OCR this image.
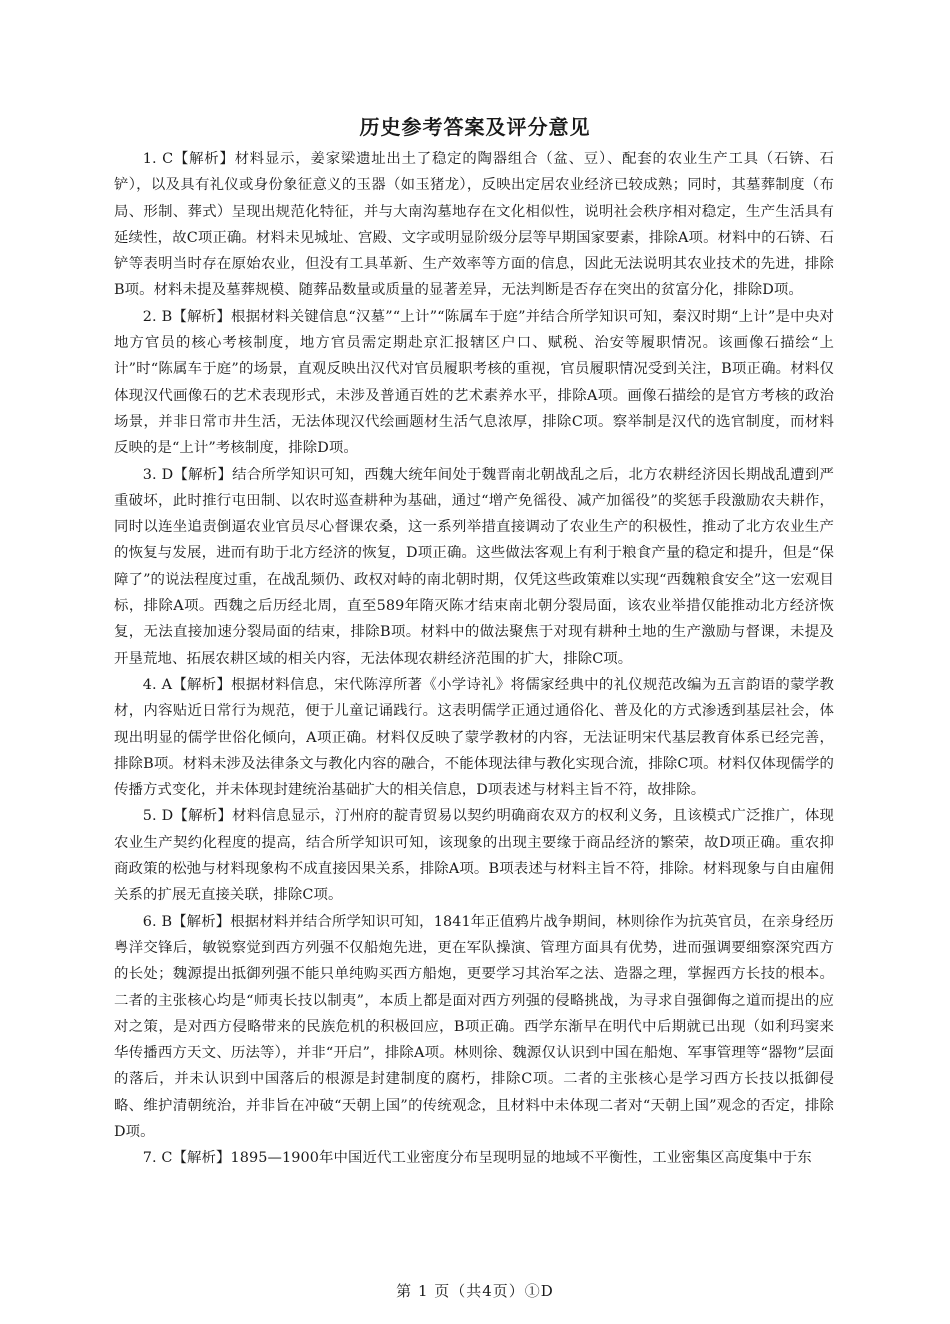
历史参考答案及评分意见

1. C【解析】材料显示，姜家梁遗址出土了稳定的陶器组合（盆、豆）、配套的农业生产工具（石锛、石铲），以及具有礼仪或身份象征意义的玉器（如玉猪龙），反映出定居农业经济已较成熟；同时，其墓葬制度（布局、形制、葬式）呈现出规范化特征，并与大南沟墓地存在文化相似性，说明社会秩序相对稳定，生产生活具有延续性，故C项正确。材料未见城址、宫殿、文字或明显阶级分层等早期国家要素，排除A项。材料中的石锛、石铲等表明当时存在原始农业，但没有工具革新、生产效率等方面的信息，因此无法说明其农业技术的先进，排除B项。材料未提及墓葬规模、随葬品数量或质量的显著差异，无法判断是否存在突出的贫富分化，排除D项。

2. B【解析】根据材料关键信息“汉墓”“上计”“陈属车于庭”并结合所学知识可知，秦汉时期“上计”是中央对地方官员的核心考核制度，地方官员需定期赴京汇报辖区户口、赋税、治安等履职情况。该画像石描绘“上计”时“陈属车于庭”的场景，直观反映出汉代对官员履职考核的重视，官员履职情况受到关注，B项正确。材料仅体现汉代画像石的艺术表现形式，未涉及普通百姓的艺术素养水平，排除A项。画像石描绘的是官方考核的政治场景，并非日常市井生活，无法体现汉代绘画题材生活气息浓厚，排除C项。察举制是汉代的选官制度，而材料反映的是“上计”考核制度，排除D项。

3. D【解析】结合所学知识可知，西魏大统年间处于魏晋南北朝战乱之后，北方农耕经济因长期战乱遭到严重破坏，此时推行屯田制、以农时巡查耕种为基础，通过“增产免徭役、减产加徭役”的奖惩手段激励农夫耕作，同时以连坐追责倒逼农业官员尽心督课农桑，这一系列举措直接调动了农业生产的积极性，推动了北方农业生产的恢复与发展，进而有助于北方经济的恢复，D项正确。这些做法客观上有利于粮食产量的稳定和提升，但是“保障了”的说法程度过重，在战乱频仍、政权对峙的南北朝时期，仅凭这些政策难以实现“西魏粮食安全”这一宏观目标，排除A项。西魏之后历经北周，直至589年隋灭陈才结束南北朝分裂局面，该农业举措仅能推动北方经济恢复，无法直接加速分裂局面的结束，排除B项。材料中的做法聚焦于对现有耕种土地的生产激励与督课，未提及开垦荒地、拓展农耕区域的相关内容，无法体现农耕经济范围的扩大，排除C项。

4. A【解析】根据材料信息，宋代陈淳所著《小学诗礼》将儒家经典中的礼仪规范改编为五言韵语的蒙学教材，内容贴近日常行为规范，便于儿童记诵践行。这表明儒学正通过通俗化、普及化的方式渗透到基层社会，体现出明显的儒学世俗化倾向，A项正确。材料仅反映了蒙学教材的内容，无法证明宋代基层教育体系已经完善，排除B项。材料未涉及法律条文与教化内容的融合，不能体现法律与教化实现合流，排除C项。材料仅体现儒学的传播方式变化，并未体现封建统治基础扩大的相关信息，D项表述与材料主旨不符，故排除。

5. D【解析】材料信息显示，汀州府的靛青贸易以契约明确商农双方的权利义务，且该模式广泛推广，体现农业生产契约化程度的提高，结合所学知识可知，该现象的出现主要缘于商品经济的繁荣，故D项正确。重农抑商政策的松弛与材料现象构不成直接因果关系，排除A项。B项表述与材料主旨不符，排除。材料现象与自由雇佣关系的扩展无直接关联，排除C项。

6. B【解析】根据材料并结合所学知识可知，1841年正值鸦片战争期间，林则徐作为抗英官员，在亲身经历粤洋交锋后，敏锐察觉到西方列强不仅船炮先进，更在军队操演、管理方面具有优势，进而强调要细察深究西方的长处；魏源提出抵御列强不能只单纯购买西方船炮，更要学习其治军之法、造器之理，掌握西方长技的根本。二者的主张核心均是“师夷长技以制夷”，本质上都是面对西方列强的侵略挑战，为寻求自强御侮之道而提出的应对之策，是对西方侵略带来的民族危机的积极回应，B项正确。西学东渐早在明代中后期就已出现（如利玛窦来华传播西方天文、历法等），并非“开启”，排除A项。林则徐、魏源仅认识到中国在船炮、军事管理等“器物”层面的落后，并未认识到中国落后的根源是封建制度的腐朽，排除C项。二者的主张核心是学习西方长技以抵御侵略、维护清朝统治，并非旨在冲破“天朝上国”的传统观念，且材料中未体现二者对“天朝上国”观念的否定，排除D项。

7. C【解析】1895—1900年中国近代工业密度分布呈现明显的地域不平衡性，工业密集区高度集中于东

第 1 页（共4页）①D
